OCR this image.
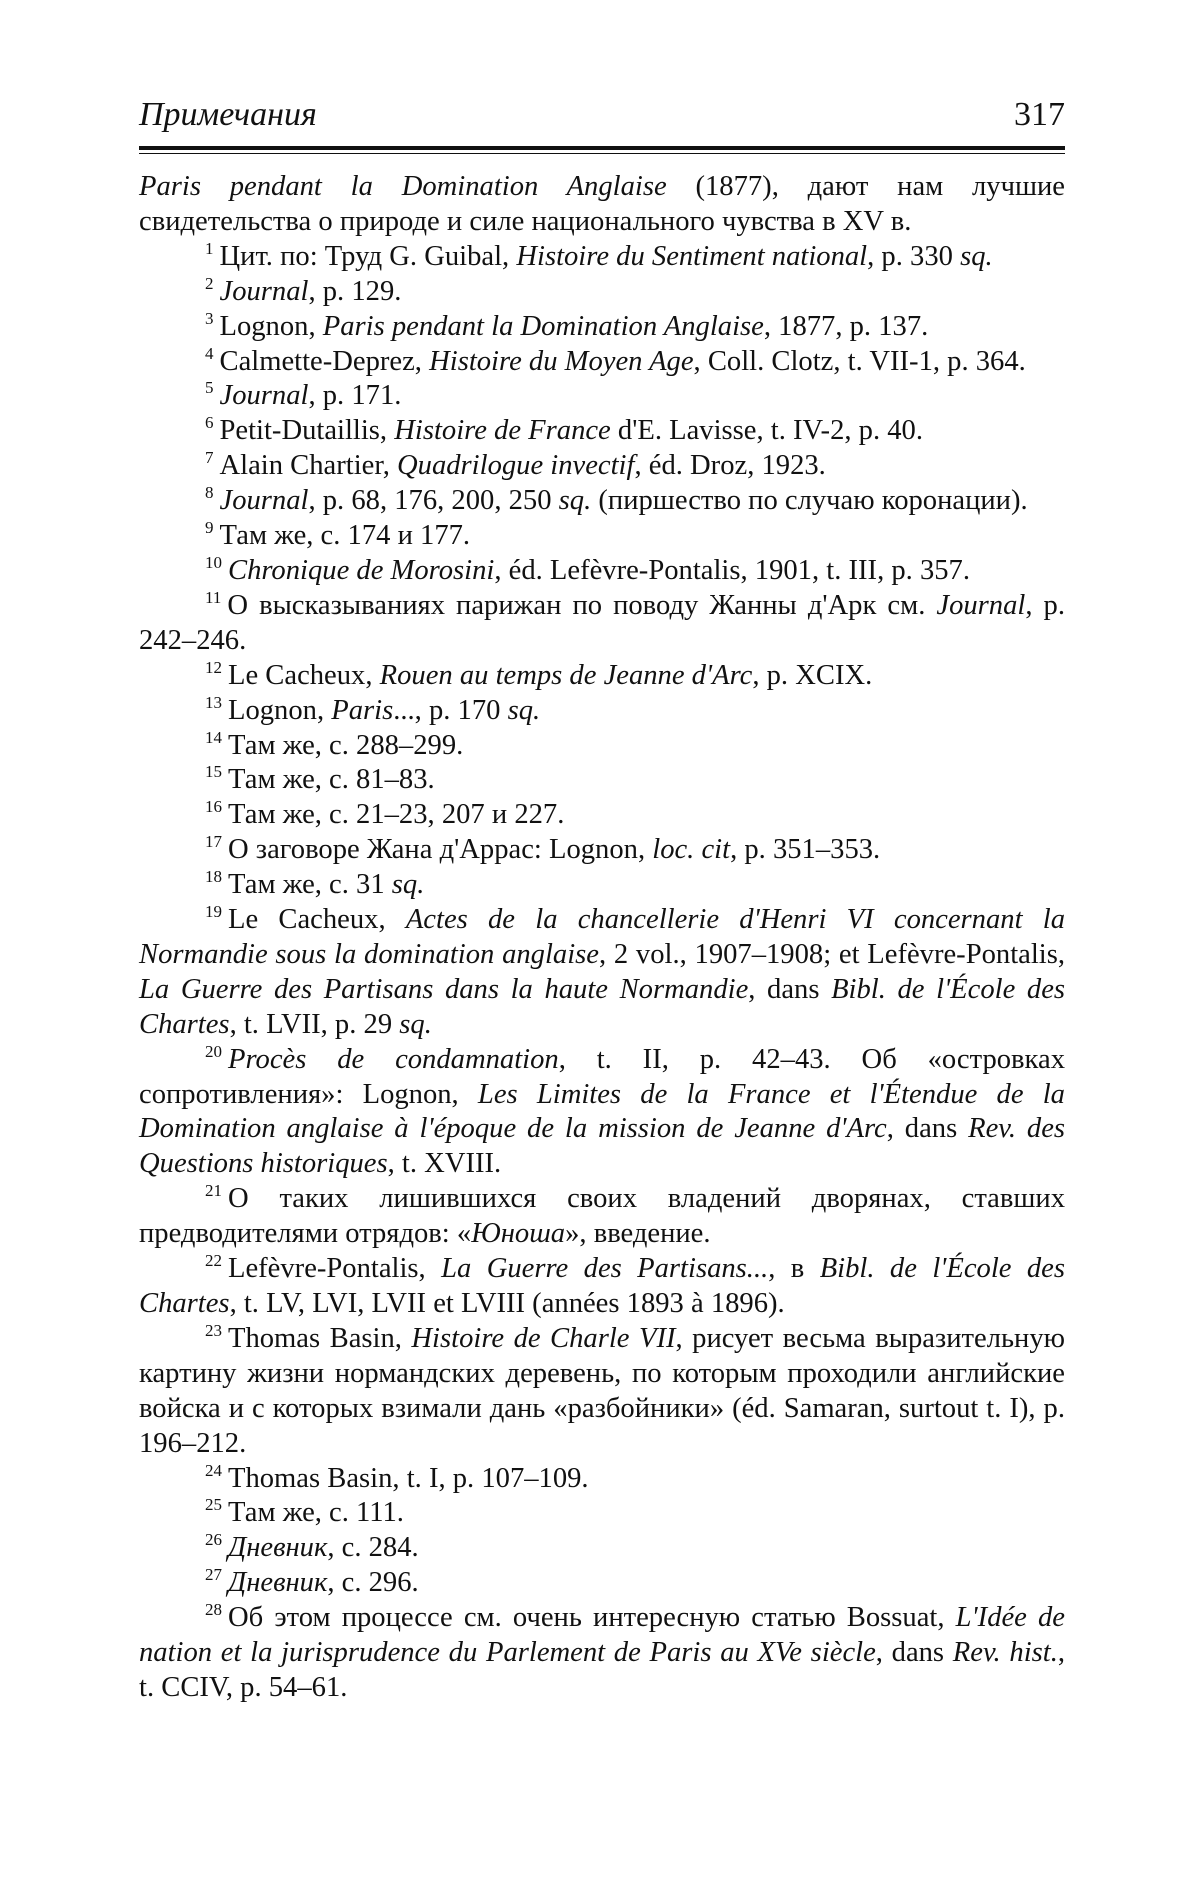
Примечания	317

Paris pendant la Domination Anglaise (1877), дают нам лучшие свидетельства о природе и силе национального чувства в XV в.

$^1$ Цит. по: Труд G. Guibal, Histoire du Sentiment national, p. 330 sq.

$^2$ Journal, p. 129.

$^3$ Lognon, Paris pendant la Domination Anglaise, 1877, p. 137.

$^4$ Calmette-Deprez, Histoire du Moyen Age, Coll. Clotz, t. VII-1, p. 364.

$^5$ Journal, p. 171.

$^6$ Petit-Dutaillis, Histoire de France d'E. Lavisse, t. IV-2, p. 40.

$^7$ Alain Chartier, Quadrilogue invectif, éd. Droz, 1923.

$^8$ Journal, p. 68, 176, 200, 250 sq. (пиршество по случаю коронации).

$^9$ Там же, с. 174 и 177.

$^{10}$ Chronique de Morosini, éd. Lefèvre-Pontalis, 1901, t. III, p. 357.

$^{11}$ О высказываниях парижан по поводу Жанны д'Арк см. Journal, p. 242–246.

$^{12}$ Le Cacheux, Rouen au temps de Jeanne d'Arc, p. XCIX.

$^{13}$ Lognon, Paris..., p. 170 sq.

$^{14}$ Там же, с. 288–299.

$^{15}$ Там же, с. 81–83.

$^{16}$ Там же, с. 21–23, 207 и 227.

$^{17}$ О заговоре Жана д'Аррас: Lognon, loc. cit, p. 351–353.

$^{18}$ Там же, с. 31 sq.

$^{19}$ Le Cacheux, Actes de la chancellerie d'Henri VI concernant la Normandie sous la domination anglaise, 2 vol., 1907–1908; et Lefèvre-Pontalis, La Guerre des Partisans dans la haute Normandie, dans Bibl. de l'École des Chartes, t. LVII, p. 29 sq.

$^{20}$ Procès de condamnation, t. II, p. 42–43. Об «островках сопротивления»: Lognon, Les Limites de la France et l'Étendue de la Domination anglaise à l'époque de la mission de Jeanne d'Arc, dans Rev. des Questions historiques, t. XVIII.

$^{21}$ О таких лишившихся своих владений дворянах, ставших предводителями отрядов: «Юноша», введение.

$^{22}$ Lefèvre-Pontalis, La Guerre des Partisans..., в Bibl. de l'École des Chartes, t. LV, LVI, LVII et LVIII (années 1893 à 1896).

$^{23}$ Thomas Basin, Histoire de Charle VII, рисует весьма выразительную картину жизни нормандских деревень, по которым проходили английские войска и с которых взимали дань «разбойники» (éd. Samaran, surtout t. I), p. 196–212.

$^{24}$ Thomas Basin, t. I, p. 107–109.

$^{25}$ Там же, с. 111.

$^{26}$ Дневник, с. 284.

$^{27}$ Дневник, с. 296.

$^{28}$ Об этом процессе см. очень интересную статью Bossuat, L'Idée de nation et la jurisprudence du Parlement de Paris au XVe siècle, dans Rev. hist., t. CCIV, p. 54–61.
